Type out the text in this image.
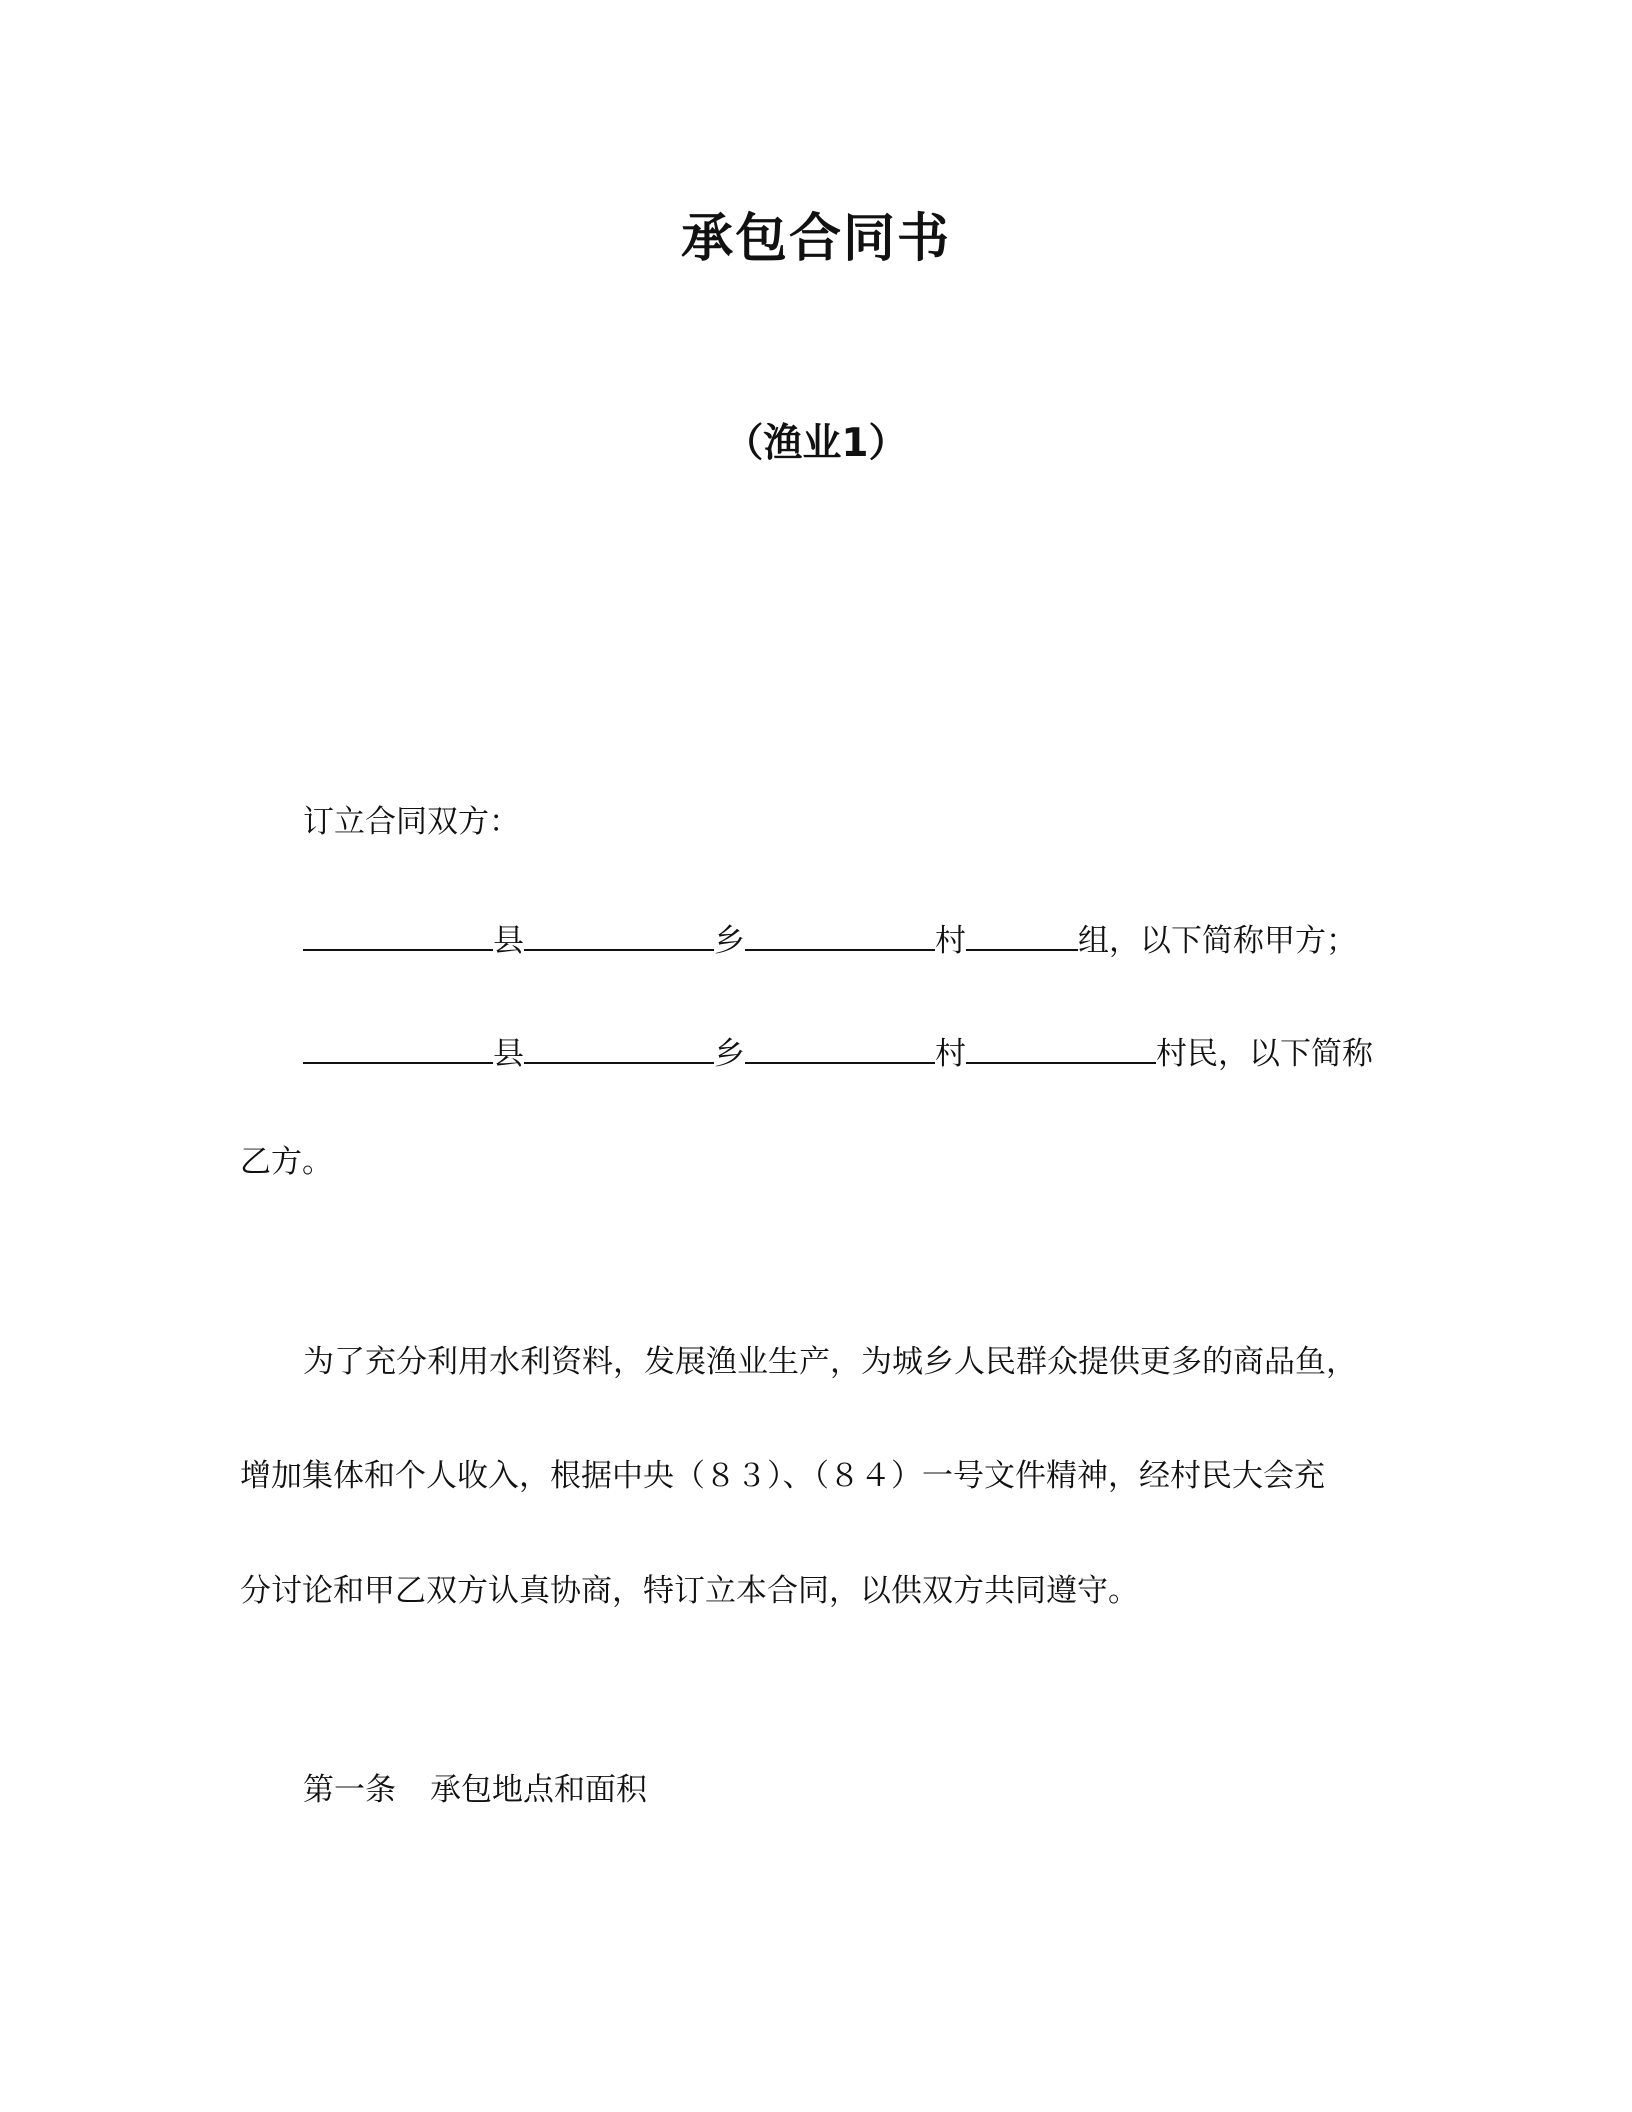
承包合同书
（渔业1）
订立合同双方：
县	乡	村	组，以下简称甲方；
县	乡	村	村民，以下简称
乙方。
为了充分利用水利资料，发展渔业生产，为城乡人民群众提供更多的商品鱼，
增加集体和个人收入，根据中央（８３）、（８４）一号文件精神，经村民大会充
分讨论和甲乙双方认真协商，特订立本合同，以供双方共同遵守。
第一条 承包地点和面积
